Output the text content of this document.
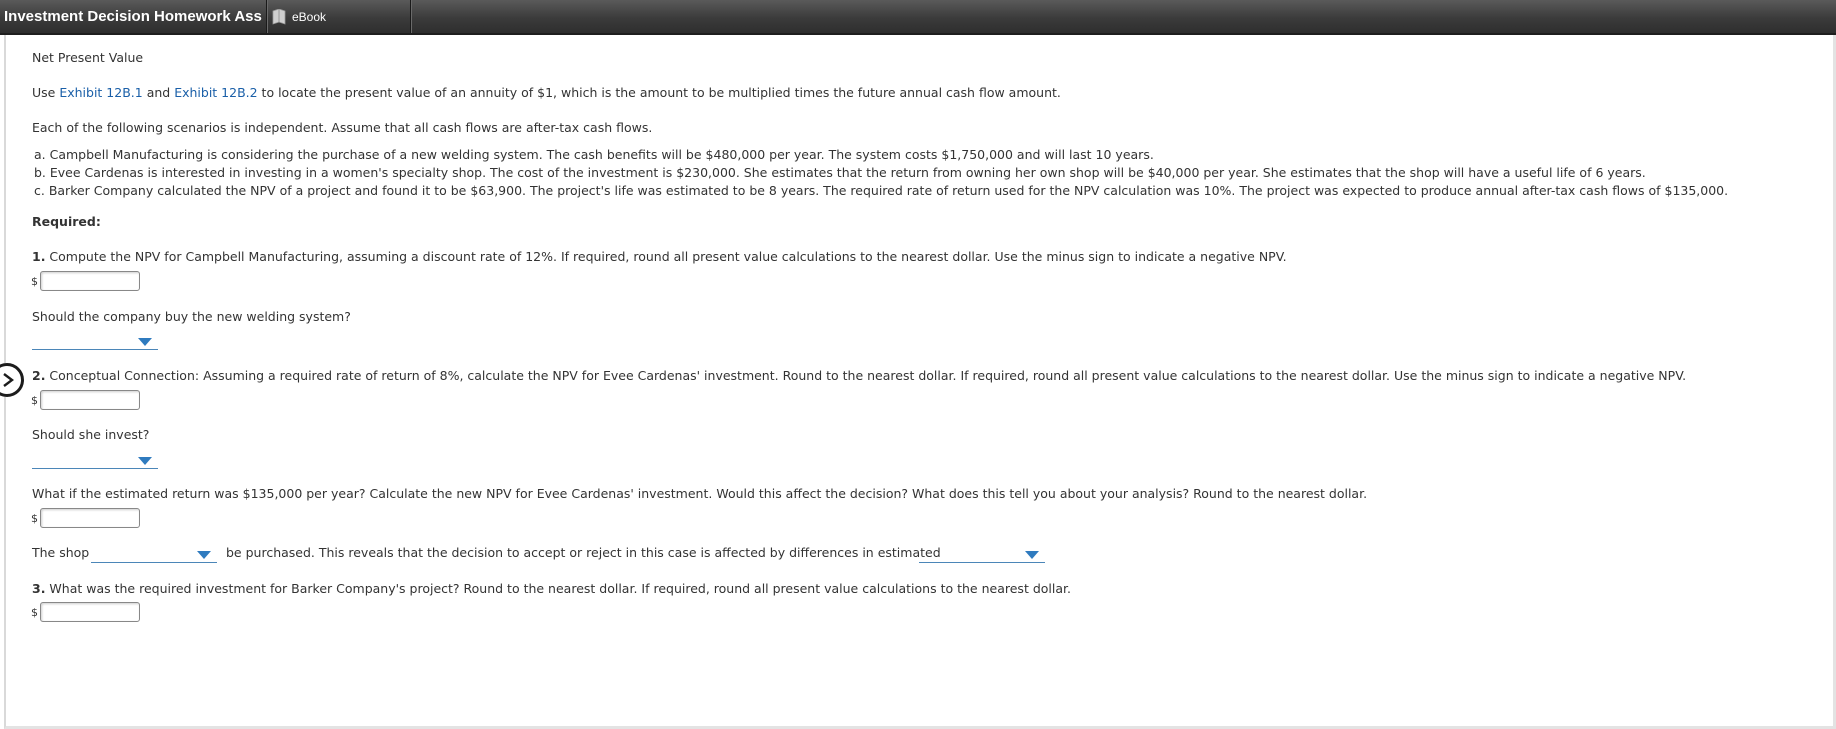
Investment Decision Homework Ass	eBook
Net Present Value
Use Exhibit 12B.1 and Exhibit 12B.2 to locate the present value of an annuity of $1, which is the amount to be multiplied times the future annual cash flow amount.
Each of the following scenarios is independent. Assume that all cash flows are after-tax cash flows.
a. Campbell Manufacturing is considering the purchase of a new welding system. The cash benefits will be $480,000 per year. The system costs $1,750,000 and will last 10 years.
b. Evee Cardenas is interested in investing in a women's specialty shop. The cost of the investment is $230,000. She estimates that the return from owning her own shop will be $40,000 per year. She estimates that the shop will have a useful life of 6 years.
c. Barker Company calculated the NPV of a project and found it to be $63,900. The project's life was estimated to be 8 years. The required rate of return used for the NPV calculation was 10%. The project was expected to produce annual after-tax cash flows of $135,000.
Required:
1. Compute the NPV for Campbell Manufacturing, assuming a discount rate of 12%. If required, round all present value calculations to the nearest dollar. Use the minus sign to indicate a negative NPV.
$
Should the company buy the new welding system?
2. Conceptual Connection: Assuming a required rate of return of 8%, calculate the NPV for Evee Cardenas' investment. Round to the nearest dollar. If required, round all present value calculations to the nearest dollar. Use the minus sign to indicate a negative NPV.
$
Should she invest?
What if the estimated return was $135,000 per year? Calculate the new NPV for Evee Cardenas' investment. Would this affect the decision? What does this tell you about your analysis? Round to the nearest dollar.
$
The shop	be purchased. This reveals that the decision to accept or reject in this case is affected by differences in estimated
3. What was the required investment for Barker Company's project? Round to the nearest dollar. If required, round all present value calculations to the nearest dollar.
$
